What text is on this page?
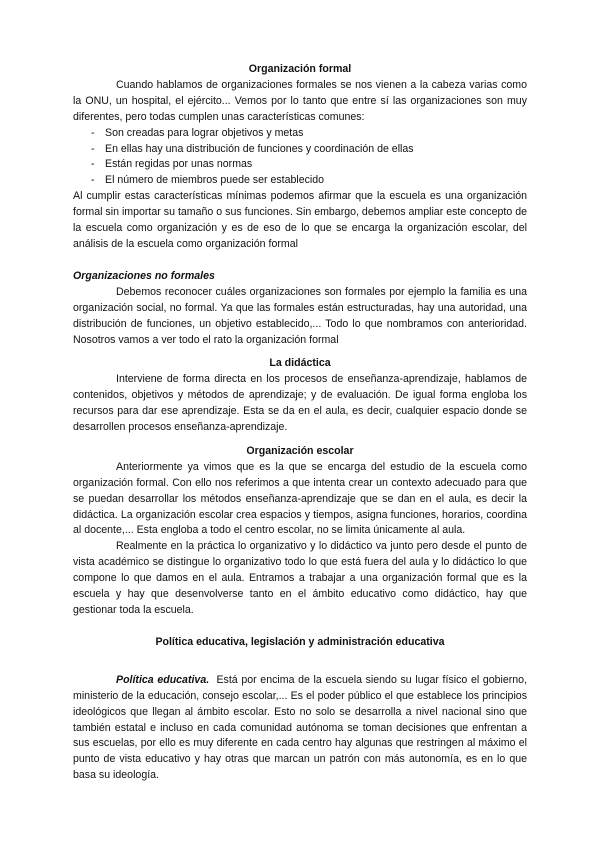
Organización formal

Cuando hablamos de organizaciones formales se nos vienen a la cabeza varias como la ONU, un hospital, el ejército... Vemos por lo tanto que entre sí las organizaciones son muy diferentes, pero todas cumplen unas características comunes:

- Son creadas para lograr objetivos y metas
- En ellas hay una distribución de funciones y coordinación de ellas
- Están regidas por unas normas
- El número de miembros puede ser establecido

Al cumplir estas características mínimas podemos afirmar que la escuela es una organización formal sin importar su tamaño o sus funciones. Sin embargo, debemos ampliar este concepto de la escuela como organización y es de eso de lo que se encarga la organización escolar, del análisis de la escuela como organización formal

Organizaciones no formales

Debemos reconocer cuáles organizaciones son formales por ejemplo la familia es una organización social, no formal. Ya que las formales están estructuradas, hay una autoridad, una distribución de funciones, un objetivo establecido,... Todo lo que nombramos con anterioridad. Nosotros vamos a ver todo el rato la organización formal

La didáctica

Interviene de forma directa en los procesos de enseñanza-aprendizaje, hablamos de contenidos, objetivos y métodos de aprendizaje; y de evaluación. De igual forma engloba los recursos para dar ese aprendizaje. Esta se da en el aula, es decir, cualquier espacio donde se desarrollen procesos enseñanza-aprendizaje.

Organización escolar

Anteriormente ya vimos que es la que se encarga del estudio de la escuela como organización formal. Con ello nos referimos a que intenta crear un contexto adecuado para que se puedan desarrollar los métodos enseñanza-aprendizaje que se dan en el aula, es decir la didáctica. La organización escolar crea espacios y tiempos, asigna funciones, horarios, coordina al docente,... Esta engloba a todo el centro escolar, no se limita únicamente al aula.

Realmente en la práctica lo organizativo y lo didáctico va junto pero desde el punto de vista académico se distingue lo organizativo todo lo que está fuera del aula y lo didáctico lo que compone lo que damos en el aula. Entramos a trabajar a una organización formal que es la escuela y hay que desenvolverse tanto en el ámbito educativo como didáctico, hay que gestionar toda la escuela.

Política educativa, legislación y administración educativa

Política educativa. Está por encima de la escuela siendo su lugar físico el gobierno, ministerio de la educación, consejo escolar,... Es el poder público el que establece los principios ideológicos que llegan al ámbito escolar. Esto no solo se desarrolla a nivel nacional sino que también estatal e incluso en cada comunidad autónoma se toman decisiones que enfrentan a sus escuelas, por ello es muy diferente en cada centro hay algunas que restringen al máximo el punto de vista educativo y hay otras que marcan un patrón con más autonomía, es en lo que basa su ideología.
